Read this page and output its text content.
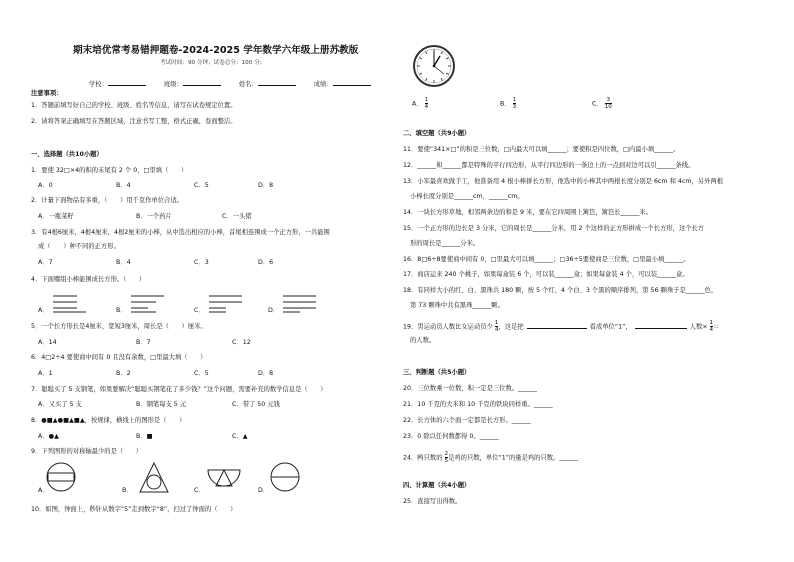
期末培优常考易错押题卷-2024-2025 学年数学六年级上册苏教版
考试时间：90 分钟；试卷总分：100 分；
学校：	班级：	姓名：	成绩：
注意事项：
1．答题前填写好自己的学校、班级、姓名等信息，请写在试卷规定位置。
2．请将答案正确填写在答题区域，注意书写工整，格式正确，卷面整洁。
一、选择题（共10小题）
1．要使 32□×4的积的末尾有 2 个 0，□里填（　　）
A．0	B．4	C．5	D．8
2．计量下面物品有多重，（　　）用千克作单位合适。
A．一瓶菜籽	B．一个药片	C．一头猪
3．有4根6厘米，4根4厘米，4根2厘米的小棒，从中选出相应的小棒，首尾相连围成一个正方形，一共能围
成（　　）种不同的正方形。
A．7	B．4	C．3	D．6
4．下面哪组小棒能围成长方形。（　　）
A．	B．	C．	D．
5．一个长方形长是4厘米，宽短3厘米，周长是（　　）厘米。
A．14	B．7	C．12
6．4□2÷4 要使商中间有 0 且没有余数，□里最大填（　　）
A．1	B．2	C．5	D．8
7．聪聪买了 5 支钢笔，如果要解决“聪聪买钢笔花了多少钱？”这个问题，需要补充的数学信息是（　　）
A．又买了 5 支	B．钢笔每支 5 元	C．带了 50 元钱
8．●■▲●■▲■▲，按规律，横线上的图形是（　　）
A．●▲	B．■	C．▲
9．下列图形的对称轴最少的是（　　）
A．	B．	C．	D．
10．如图，钟面上，秒针从数字“5”走到数字“8”，扫过了钟面的（　　）
A． $\frac{1}{4}$	B． $\frac{1}{3}$	C． $\frac{3}{10}$
二、填空题（共9小题）
11．要使“341×□”的积是三位数，□内最大可以填______；要使积是四位数，□内最小填______。
12．______和______都是特殊的平行四边形，从平行四边形的一条边上的一点到对边可以引______条线。
13．小军最喜欢做手工，他准备用 4 根小棒拼长方形，他选中的小棒其中两根长度分别是 6cm 和 4cm，另外两根
小棒长度分别是______cm，______cm。
14．一块长方形草地，相邻两条边的和是 9 米，要在它四周围上篱笆，篱笆长______米。
15．一个正方形的边长是 3 分米，它的周长是______分米，用 2 个这样的正方形拼成一个长方形，这个长方
形的周长是______分米。
16．8□6÷8要使商中间有 0，□里最大可以填______；□36÷5要使商是三位数，□里最小填______。
17．商店运来 240 个桃子，如果每盒装 6 个，可以装______盒；如果每盒装 4 个，可以装______盒。
18．有同样大小的红、白、黑珠共 180 颗，按 5 个红、4 个白、3 个黑的顺序排列，第 56 颗珠子是______色，
第 73 颗珠中共有黑珠______颗。
19．男运动员人数比女运动员少 $\frac{1}{4}$ ，这是把	看成单位“1”，	人数× $\frac{1}{4}$ ＝
的人数。
三、判断题（共5小题）
20．三位数乘一位数，积一定是三位数。______
21．10 千克的大米和 10 千克的铁块同样重。______
22．长方体的六个面一定都是长方形。______
23．0 除以任何数都得 0。______
24．鸭只数的 $\frac{2}{5}$ 是鸡的只数，单位“1”的量是鸡的只数。______
四、计算题（共4小题）
25．直接写出得数。
